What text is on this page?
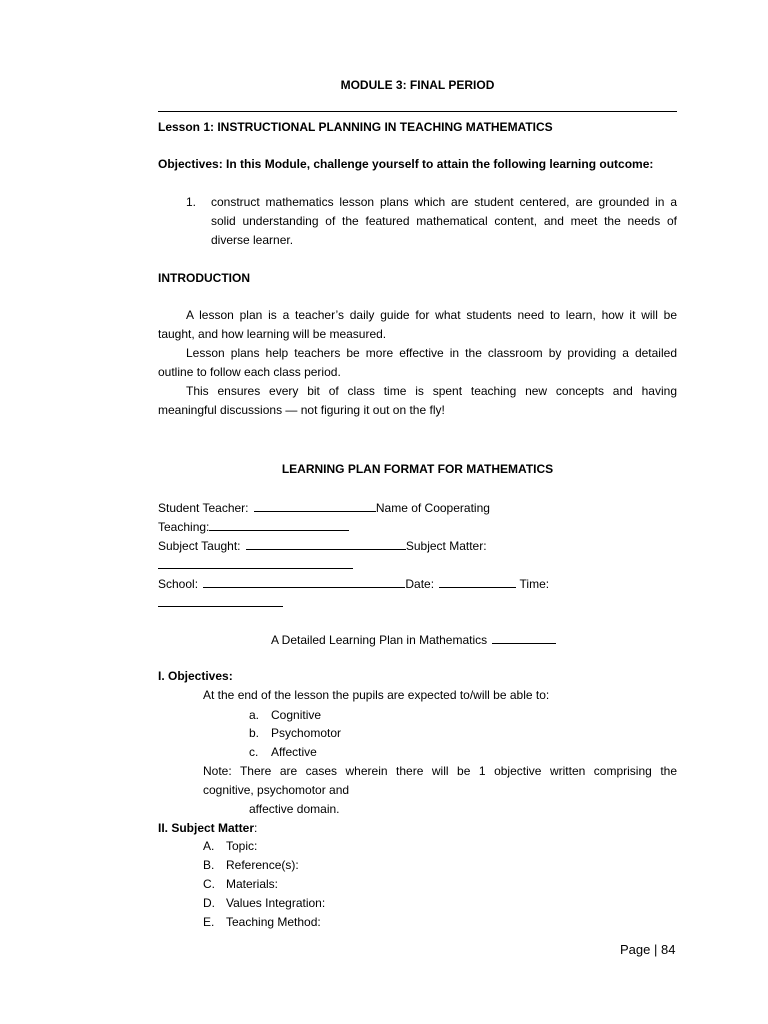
MODULE 3: FINAL PERIOD
Lesson 1: INSTRUCTIONAL PLANNING IN TEACHING MATHEMATICS
Objectives: In this Module, challenge yourself to attain the following learning outcome:
1. construct mathematics lesson plans which are student centered, are grounded in a
solid understanding of the featured mathematical content, and meet the needs of
diverse learner.
INTRODUCTION
A lesson plan is a teacher’s daily guide for what students need to learn, how it will be
taught, and how learning will be measured.
Lesson plans help teachers be more effective in the classroom by providing a detailed
outline to follow each class period.
This ensures every bit of class time is spent teaching new concepts and having
meaningful discussions — not figuring it out on the fly!
LEARNING PLAN FORMAT FOR MATHEMATICS
Student Teacher:	Name of Cooperating
Teaching:
Subject Taught:	Subject Matter:
School:	Date:	Time:
A Detailed Learning Plan in Mathematics
I. Objectives:
At the end of the lesson the pupils are expected to/will be able to:
a. Cognitive
b. Psychomotor
c. Affective
Note: There are cases wherein there will be 1 objective written comprising the
cognitive, psychomotor and
affective domain.
II. Subject Matter:
A. Topic:
B. Reference(s):
C. Materials:
D. Values Integration:
E. Teaching Method:
Page | 84
